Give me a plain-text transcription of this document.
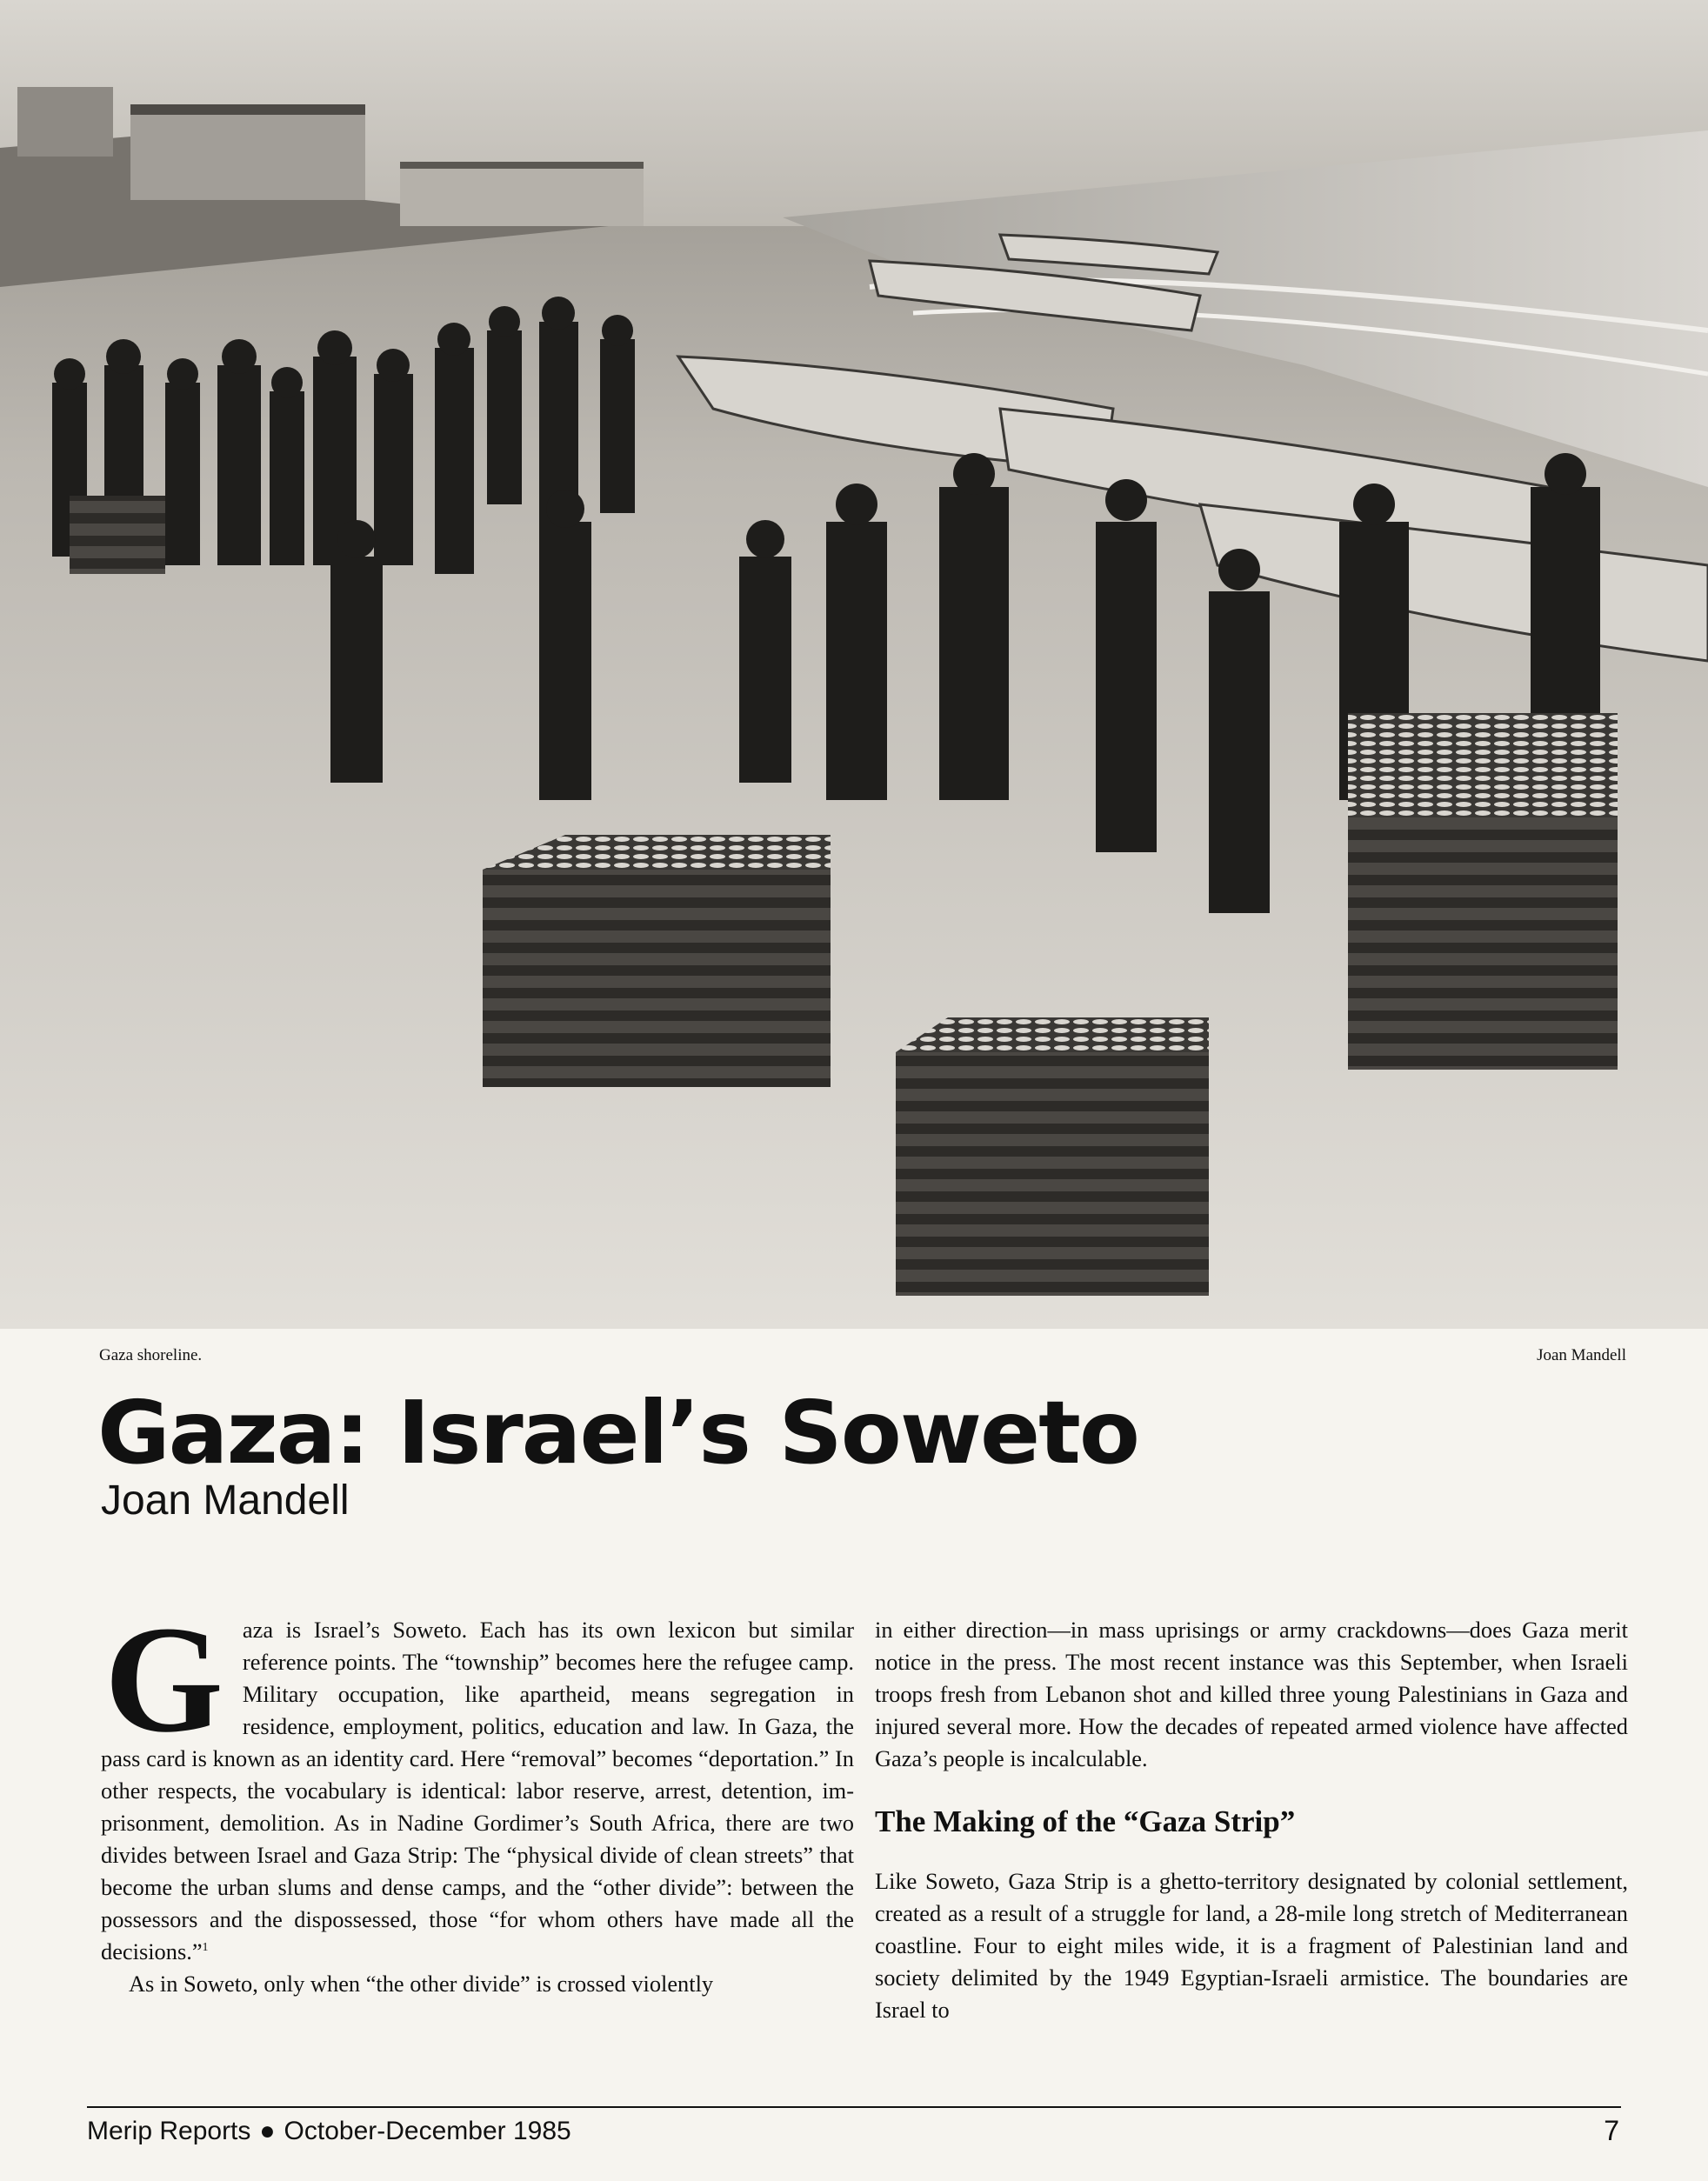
Gaza shoreline.	Joan Mandell
Gaza: Israel’s Soweto
Joan Mandell

Gaza is Israel’s Soweto. Each has its own lexicon but similar reference points. The “township” becomes here the refugee camp. Military occupation, like apartheid, means segregation in residence, employment, politics, education and law. In Gaza, the pass card is known as an identity card. Here “removal” becomes “deportation.” In other respects, the vocabulary is identical: labor reserve, arrest, detention, imprisonment, demolition. As in Nadine Gordimer’s South Africa, there are two divides between Israel and Gaza Strip: The “physical divide of clean streets” that become the urban slums and dense camps, and the “other divide”: between the possessors and the dispossessed, those “for whom others have made all the decisions.”$^1$

As in Soweto, only when “the other divide” is crossed violently

in either direction—in mass uprisings or army crackdowns—does Gaza merit notice in the press. The most recent instance was this September, when Israeli troops fresh from Lebanon shot and killed three young Palestinians in Gaza and injured several more. How the decades of repeated armed violence have affected Gaza’s people is incalculable.

The Making of the “Gaza Strip”

Like Soweto, Gaza Strip is a ghetto-territory designated by colonial settlement, created as a result of a struggle for land, a 28-mile long stretch of Mediterranean coastline. Four to eight miles wide, it is a fragment of Palestinian land and society delimited by the 1949 Egyptian-Israeli armistice. The boundaries are Israel to

Merip Reports ● October-December 1985	7
